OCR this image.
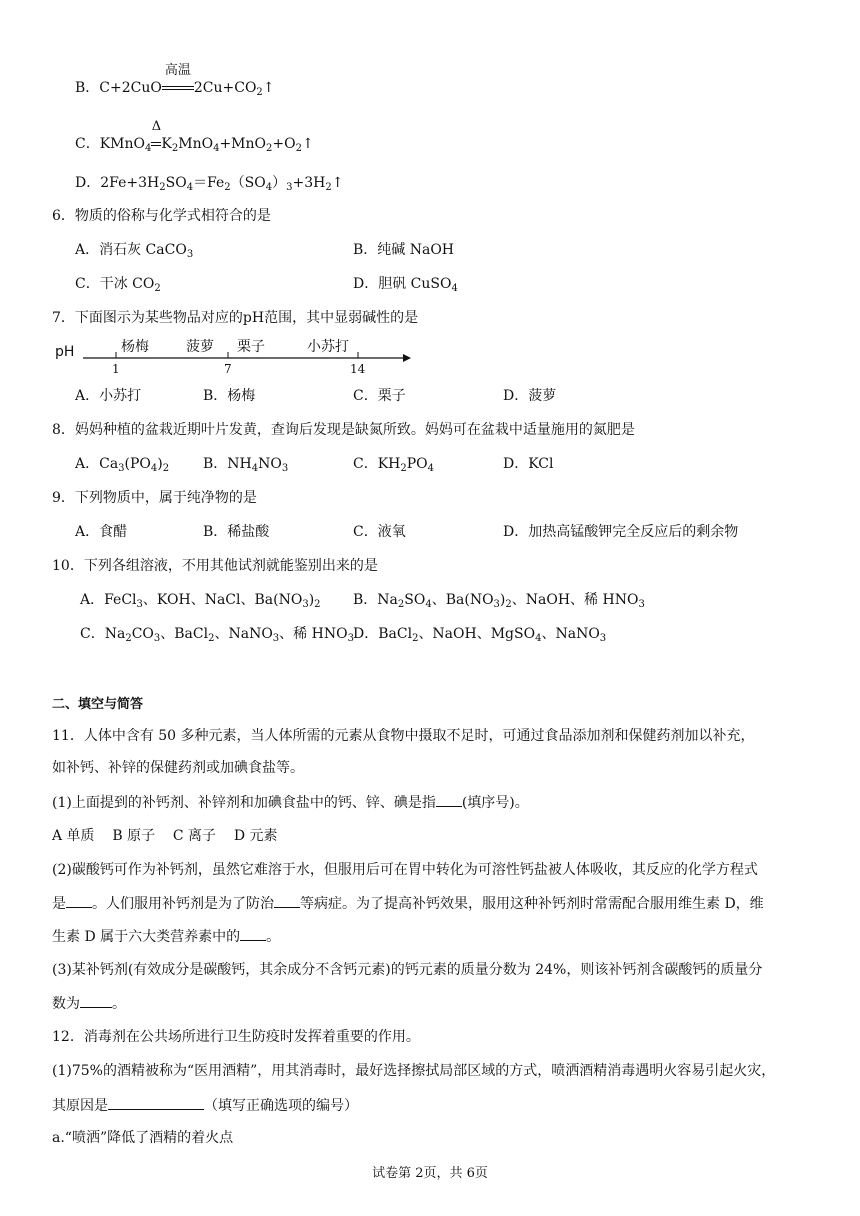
B．C+2CuO
高温
$2Cu+CO_2↑$
C．KMnO$_4$
Δ
$K_2MnO_4+MnO_2+O_2↑$
D．$2Fe+3H_2SO_4=Fe_2(SO_4)_3+3H_2↑$
6．物质的俗称与化学式相符合的是
A．消石灰 CaCO$_3$	B．纯碱 NaOH
C．干冰 $CO_2$	D．胆矾 CuSO$_4$
7．下面图示为某些物品对应的pH范围，其中显弱碱性的是
pH	杨梅	菠萝 栗子	小苏打
1	7	14
A．小苏打	B．杨梅	C．栗子	D．菠萝
8．妈妈种植的盆栽近期叶片发黄，查询后发现是缺氮所致。妈妈可在盆栽中适量施用的氮肥是
A．$Ca_3(PO_4)_2$ B．$NH_4NO_3$	C．$KH_2PO_4$	D．KCl
9．下列物质中，属于纯净物的是
A．食醋	B．稀盐酸	C．液氧	D．加热高锰酸钾完全反应后的剩余物
10．下列各组溶液，不用其他试剂就能鉴别出来的是
A．FeCl$_3$、KOH、NaCl、$Ba(NO_3)_2$ B．$Na_2SO_4$、$Ba(NO_3)_2$、NaOH、稀 $HNO_3$
C．$Na_2CO_3$、BaCl$_2$、NaNO$_3$、稀 $HNO_3$ D．BaCl$_2$、NaOH、MgSO$_4$、NaNO$_3$
二、填空与简答
11．人体中含有 50 多种元素，当人体所需的元素从食物中摄取不足时，可通过食品添加剂和保健药剂加以补充，
如补钙、补锌的保健药剂或加碘食盐等。
(1)上面提到的补钙剂、补锌剂和加碘食盐中的钙、锌、碘是指 (填序号)。
A 单质    B 原子    C 离子    D 元素
(2)碳酸钙可作为补钙剂，虽然它难溶于水，但服用后可在胃中转化为可溶性钙盐被人体吸收，其反应的化学方程式
是 。人们服用补钙剂是为了防治 等病症。为了提高补钙效果，服用这种补钙剂时常需配合服用维生素 D，维
生素 D 属于六大类营养素中的 。
(3)某补钙剂(有效成分是碳酸钙，其余成分不含钙元素)的钙元素的质量分数为 24%，则该补钙剂含碳酸钙的质量分
数为 。
12．消毒剂在公共场所进行卫生防疫时发挥着重要的作用。
(1)75%的酒精被称为“医用酒精”，用其消毒时，最好选择擦拭局部区域的方式，喷洒酒精消毒遇明火容易引起火灾，
其原因是	（填写正确选项的编号）
a.“喷洒”降低了酒精的着火点
试卷第 2页，共 6页
